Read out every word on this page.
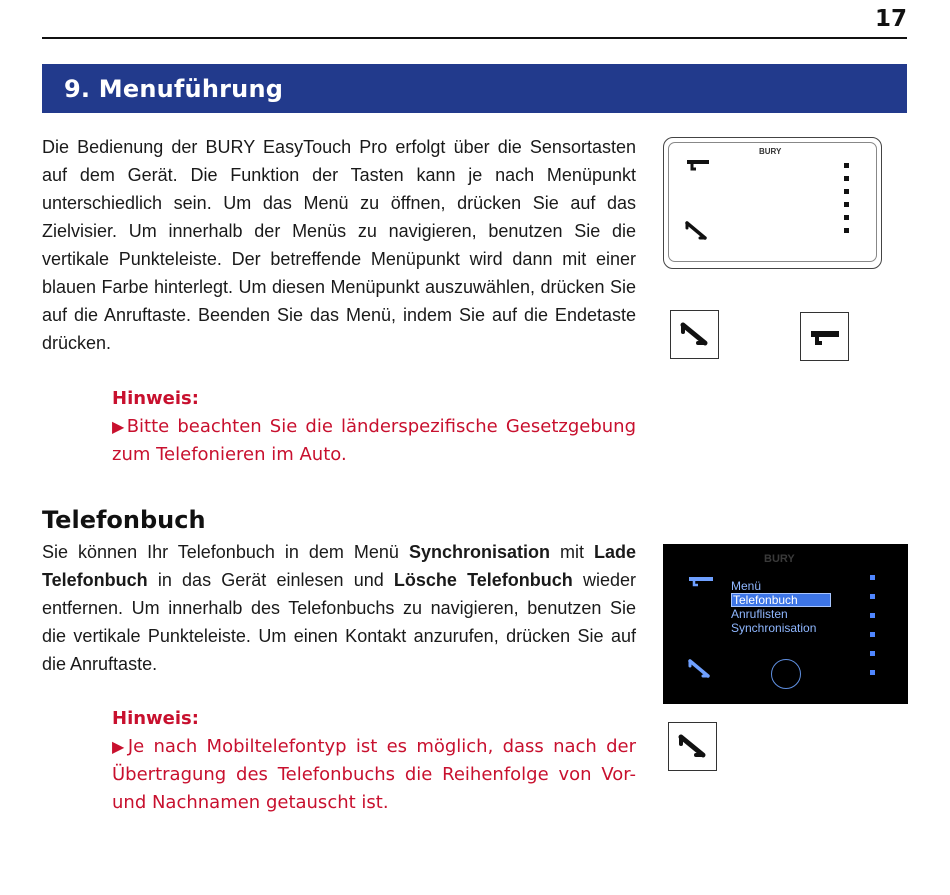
17
9. Menuführung

Die Bedienung der BURY EasyTouch Pro erfolgt über die Sensortasten auf dem Gerät. Die Funktion der Tasten kann je nach Menüpunkt unterschiedlich sein. Um das Menü zu öffnen, drücken Sie auf das Zielvisier. Um innerhalb der Menüs zu navigieren, benutzen Sie die vertikale Punkteleiste. Der betreffende Menüpunkt wird dann mit einer blauen Farbe hinterlegt. Um diesen Menüpunkt auszuwählen, drücken Sie auf die Anruftaste. Beenden Sie das Menü, indem Sie auf die Endetaste drücken.

Hinweis:
▶Bitte beachten Sie die länderspezifische Gesetzgebung zum Telefonieren im Auto.
Telefonbuch

Sie können Ihr Telefonbuch in dem Menü Synchronisation mit Lade Telefonbuch in das Gerät einlesen und Lösche Telefonbuch wieder entfernen. Um innerhalb des Telefonbuchs zu navigieren, benutzen Sie die vertikale Punkteleiste. Um einen Kontakt anzurufen, drücken Sie auf die Anruftaste.

Hinweis:
▶Je nach Mobiltelefontyp ist es möglich, dass nach der Übertragung des Telefonbuchs die Reihenfolge von Vor- und Nachnamen getauscht ist.
BURY
BURY
Menü
Telefonbuch
Anruflisten
Synchronisation
